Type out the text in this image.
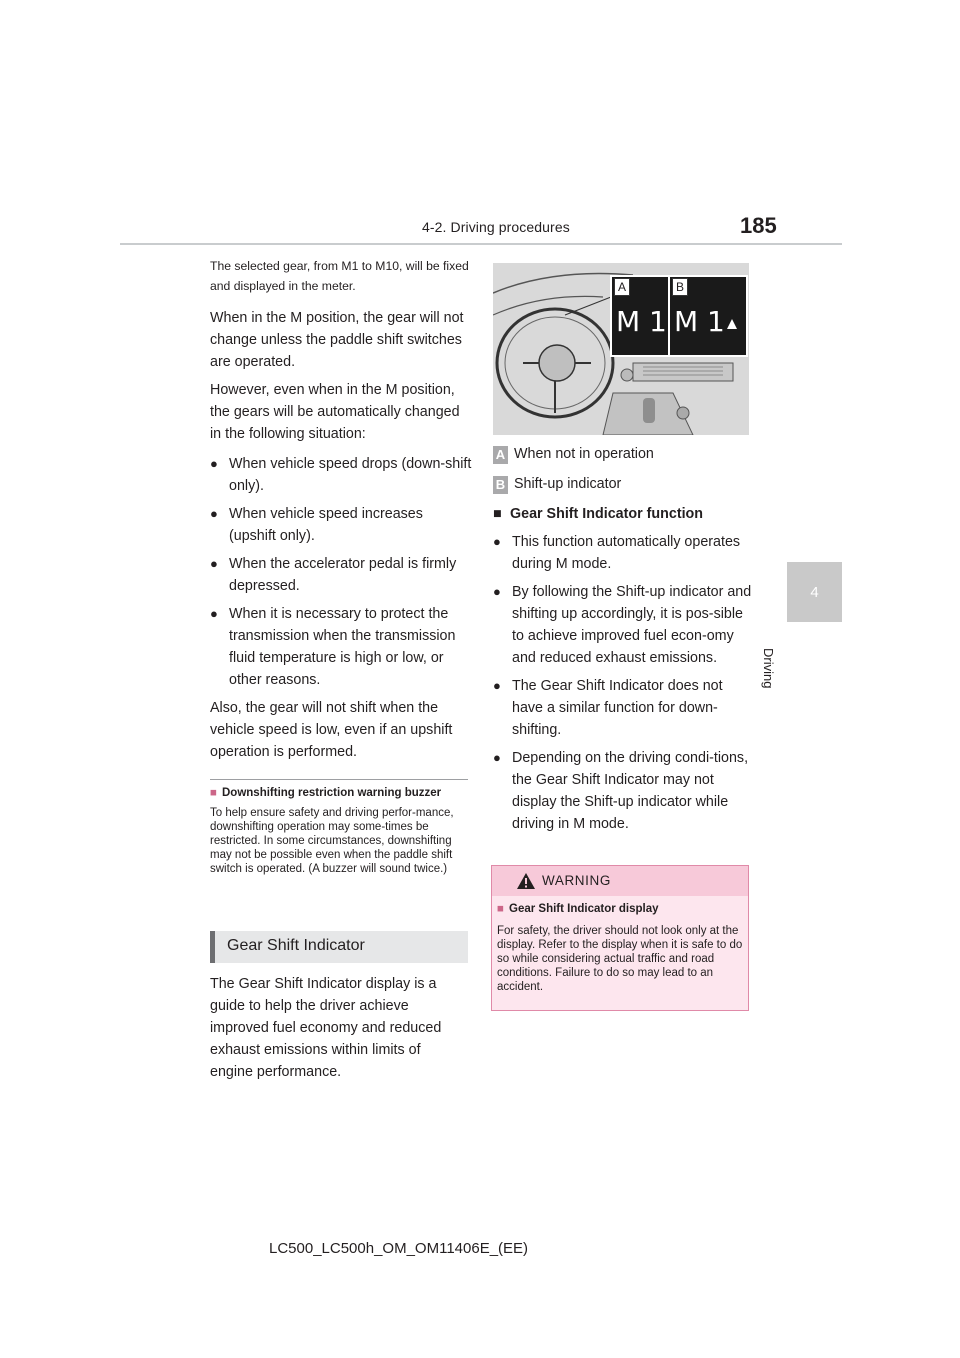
4-2. Driving procedures	185
4
Driving

The selected gear, from M1 to M10, will be fixed and displayed in the meter.

When in the M position, the gear will not change unless the paddle shift switches are operated.

However, even when in the M position, the gears will be automatically changed in the following situation:

● When vehicle speed drops (down-shift only).
● When vehicle speed increases (upshift only).
● When the accelerator pedal is firmly depressed.
● When it is necessary to protect the transmission when the transmission fluid temperature is high or low, or other reasons.

Also, the gear will not shift when the vehicle speed is low, even if an upshift operation is performed.

■ Downshifting restriction warning buzzer

To help ensure safety and driving perfor-mance, downshifting operation may some-times be restricted. In some circumstances, downshifting may not be possible even when the paddle shift switch is operated. (A buzzer will sound twice.)

Gear Shift Indicator

The Gear Shift Indicator display is a guide to help the driver achieve improved fuel economy and reduced exhaust emissions within limits of engine performance.

A	B
M 1 M 1
A When not in operation
B Shift-up indicator
■ Gear Shift Indicator function
● This function automatically operates during M mode.
● By following the Shift-up indicator and shifting up accordingly, it is pos-sible to achieve improved fuel econ-omy and reduced exhaust emissions.
● The Gear Shift Indicator does not have a similar function for down-shifting.
● Depending on the driving condi-tions, the Gear Shift Indicator may not display the Shift-up indicator while driving in M mode.
WARNING
■ Gear Shift Indicator display

For safety, the driver should not look only at the display. Refer to the display when it is safe to do so while considering actual traffic and road conditions. Failure to do so may lead to an accident.

LC500_LC500h_OM_OM11406E_(EE)
